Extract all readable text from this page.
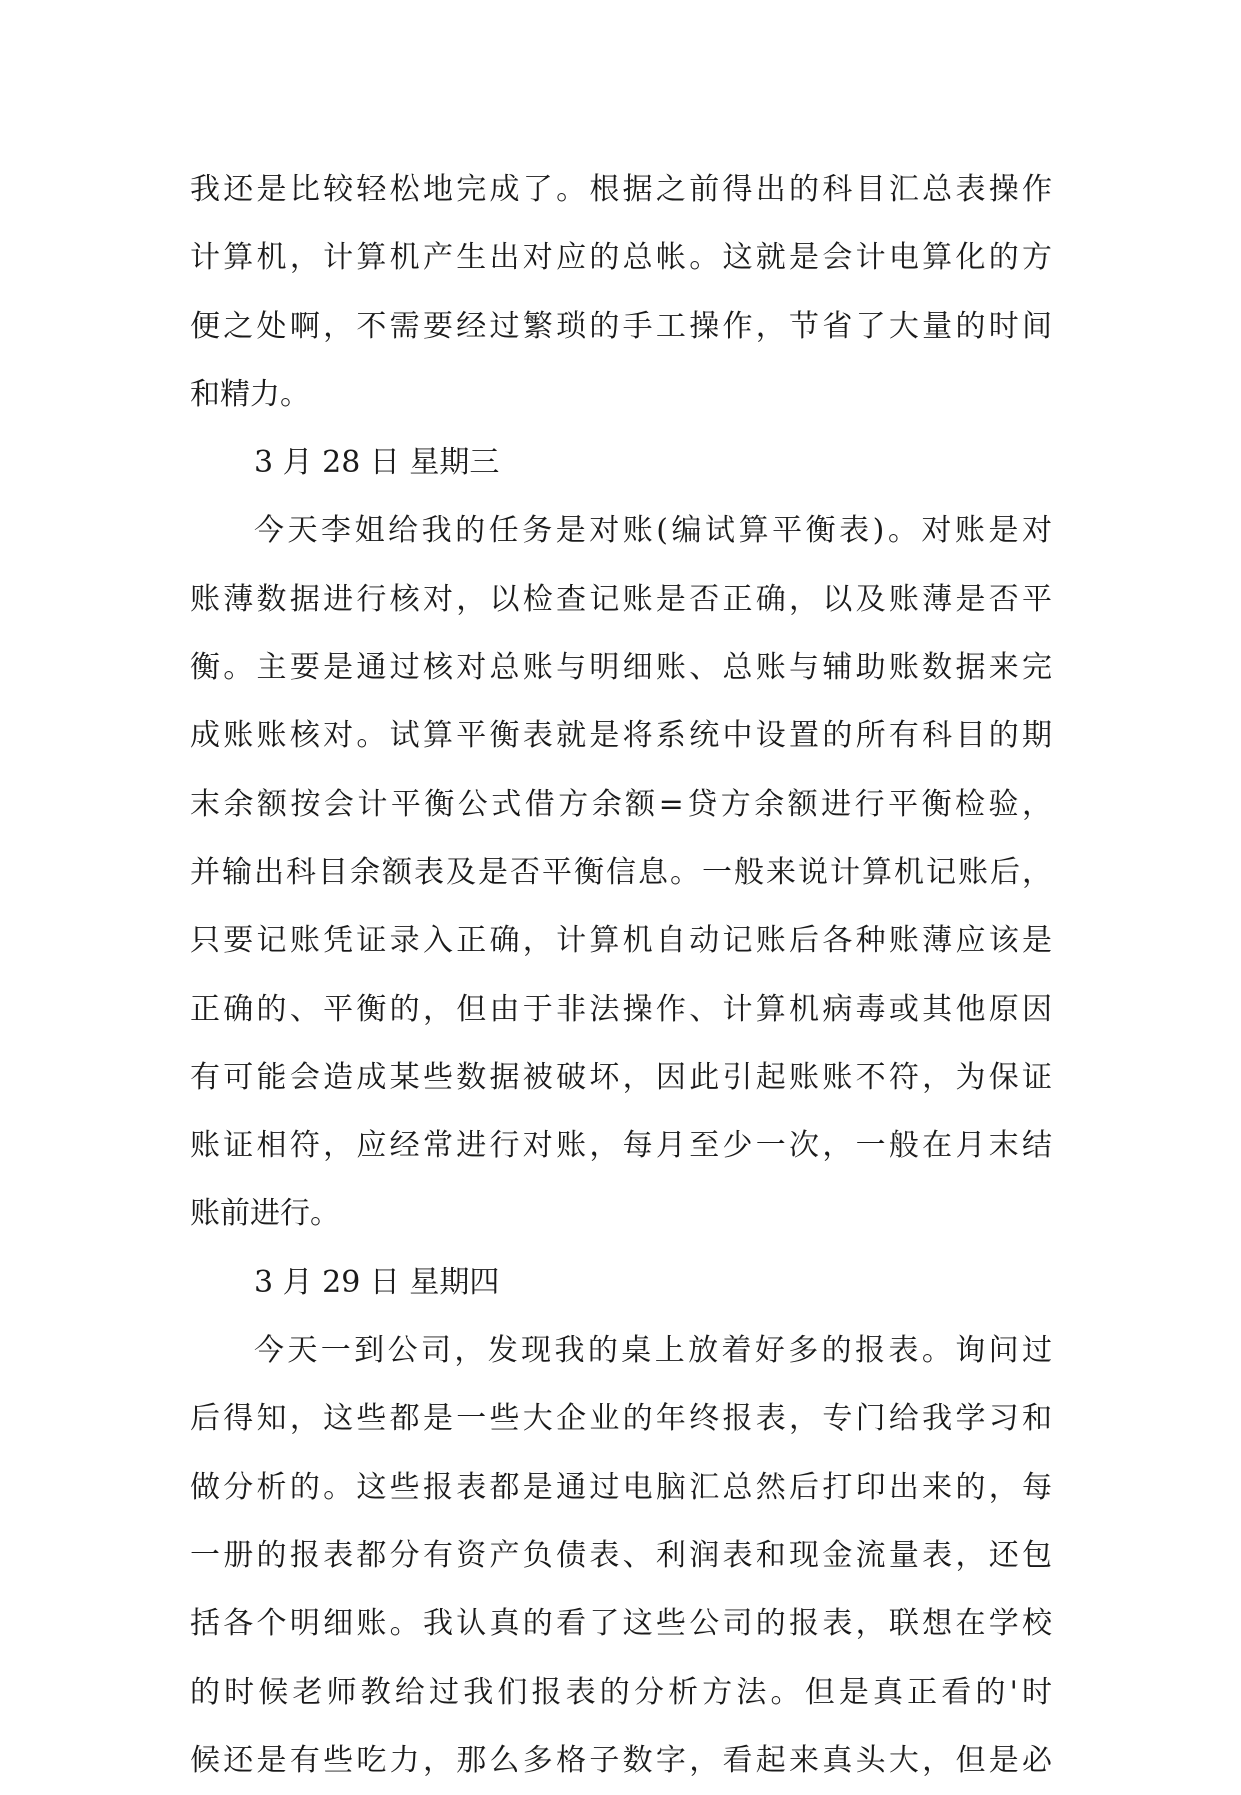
我还是比较轻松地完成了。根据之前得出的科目汇总表操作
计算机，计算机产生出对应的总帐。这就是会计电算化的方
便之处啊，不需要经过繁琐的手工操作，节省了大量的时间
和精力。
3 月 28 日 星期三
今天李姐给我的任务是对账(编试算平衡表)。对账是对
账薄数据进行核对，以检查记账是否正确，以及账薄是否平
衡。主要是通过核对总账与明细账、总账与辅助账数据来完
成账账核对。试算平衡表就是将系统中设置的所有科目的期
末余额按会计平衡公式借方余额=贷方余额进行平衡检验，
并输出科目余额表及是否平衡信息。一般来说计算机记账后，
只要记账凭证录入正确，计算机自动记账后各种账薄应该是
正确的、平衡的，但由于非法操作、计算机病毒或其他原因
有可能会造成某些数据被破坏，因此引起账账不符，为保证
账证相符，应经常进行对账，每月至少一次，一般在月末结
账前进行。
3 月 29 日 星期四
今天一到公司，发现我的桌上放着好多的报表。询问过
后得知，这些都是一些大企业的年终报表，专门给我学习和
做分析的。这些报表都是通过电脑汇总然后打印出来的，每
一册的报表都分有资产负债表、利润表和现金流量表，还包
括各个明细账。我认真的看了这些公司的报表，联想在学校
的时候老师教给过我们报表的分析方法。但是真正看的'时
候还是有些吃力，那么多格子数字，看起来真头大，但是必
